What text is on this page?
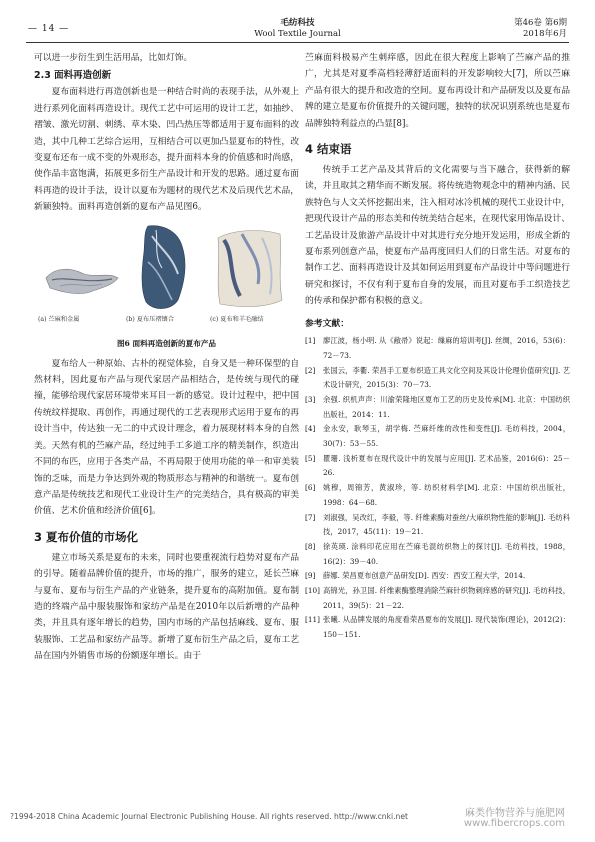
— 14 —
毛纺科技
Wool Textile Journal
第46卷 第6期
2018年6月

可以进一步衍生到生活用品，比如灯饰。

2.3 面料再造创新

夏布面料进行再造创新也是一种结合时尚的表现手法，从外观上进行系列化面料再造设计。现代工艺中可运用的设计工艺，如抽纱、褶皱、激光切割、刺绣、草木染、凹凸热压等都适用于夏布面料的改造，其中几种工艺综合运用，互相结合可以更加凸显夏布的特性，改变夏布还布一成不变的外观形态，提升面料本身的价值感和时尚感，使作品丰富饱满，拓展更多衍生产品设计和开发的思路。通过夏布面料再造的设计手法，设计以夏布为题材的现代艺术及后现代艺术品，新颖独特。面料再造创新的夏布产品见图6。

(a) 苎麻和金属	(b) 夏布压褶镶合	(c) 夏布和羊毛融结
图6 面料再造创新的夏布产品

夏布给人一种原始、古朴的视觉体验，自身又是一种环保型的自然材料，因此夏布产品与现代家居产品相结合，是传统与现代的碰撞，能够给现代家居环境带来耳目一新的感觉。设计过程中，把中国传统纹样提取、再创作，再通过现代的工艺表现形式运用于夏布的再设计当中，传达独一无二的中式设计理念，着力展现材料本身的自然美。天然有机的苎麻产品，经过纯手工多道工序的精美制作，织造出不同的布匹，应用于各类产品，不再局限于使用功能的单一和审美装饰的乏味，而是力争达到外观的物质形态与精神的和谐统一。夏布创意产品是传统技艺和现代工业设计生产的完美结合，具有极高的审美价值、艺术价值和经济价值[6]。

3 夏布价值的市场化

建立市场关系是夏布的未来，同时也要重视流行趋势对夏布产品的引导。随着品牌价值的提升，市场的推广，服务的建立，延长苎麻与夏布、夏布与衍生产品的产业链条，提升夏布的高附加值。夏布制造的终端产品中服装服饰和家纺产品是在2010年以后新增的产品种类，并且具有逐年增长的趋势，国内市场的产品包括麻线、夏布、服装服饰、工艺品和家纺产品等。新增了夏布衍生产品之后，夏布工艺品在国内外销售市场的份额逐年增长。由于

苎麻面料极易产生刺痒感，因此在很大程度上影响了苎麻产品的推广，尤其是对夏季高档轻薄舒适面料的开发影响较大[7]，所以苎麻产品有很大的提升和改造的空间。夏布再设计和产品研发以及夏布品牌的建立是夏布价值提升的关键问题，独特的状况识别系统也是夏布品牌独特利益点的凸显[8]。

4 结束语

传统手工艺产品及其背后的文化需要与当下融合，获得新的解读，并且取其之精华而不断发展。将传统造物观念中的精神内涵、民族特色与人文关怀挖掘出来，注入相对冰冷机械的现代工业设计中，把现代设计产品的形态美和传统美结合起来，在现代家用饰品设计、工艺品设计及旅游产品设计中对其进行充分地开发运用，形成全新的夏布系列创意产品，使夏布产品再度回归人们的日常生活。对夏布的制作工艺、面料再造设计及其如何运用到夏布产品设计中等问题进行研究和探讨，不仅有利于夏布自身的发展，而且对夏布手工织造技艺的传承和保护都有积极的意义。

参考文献：
[1]	廖江波，杨小明. 从《敝帚》说起：缫麻的培训考[J]. 丝绸，2016，53(6)：72－73.
[2]	张国云，李衢. 荣昌手工夏布织造工具文化空间及其设计伦理价值研究[J]. 艺术设计研究，2015(3)：70－73.
[3]	余强. 织机声声：川渝荣隆地区夏布工艺的历史及传承[M]. 北京：中国纺织出版社，2014：11.
[4]	金永安，耿琴玉，胡学梅. 苎麻纤维的改性和变性[J]. 毛纺科技，2004，30(7)：53－55.
[5]	瞿珊. 浅析夏布在现代设计中的发展与应用[J]. 艺术品鉴，2016(6)：25－26.
[6]	姚穆，周锦芳，黄淑珍，等. 纺织材料学[M]. 北京：中国纺织出版社，1998：64－68.
[7]	刘淑强，吴改红，李毅，等. 纤维素酶对蚕丝/大麻织物性能的影响[J]. 毛纺科技，2017，45(11)：19－21.
[8]	徐英瑛. 涂料印花应用在苎麻毛混纺织物上的探讨[J]. 毛纺科技，1988，16(2)：39－40.
[9]	薛娜. 荣昌夏布创意产品研发[D]. 西安：西安工程大学，2014.
[10] 高锦光，孙卫国. 纤维素酶整理消除苎麻针织物刺痒感的研究[J]. 毛纺科技，2011，39(5)：21－22.
[11] 张曦. 从品牌发展的角度看荣昌夏布的发展[J]. 现代装饰(理论)，2012(2)：150－151.
?1994-2018 China Academic Journal Electronic Publishing House. All rights reserved. http://www.cnki.net	麻类作物营养与施肥网
www.fibercrops.com
